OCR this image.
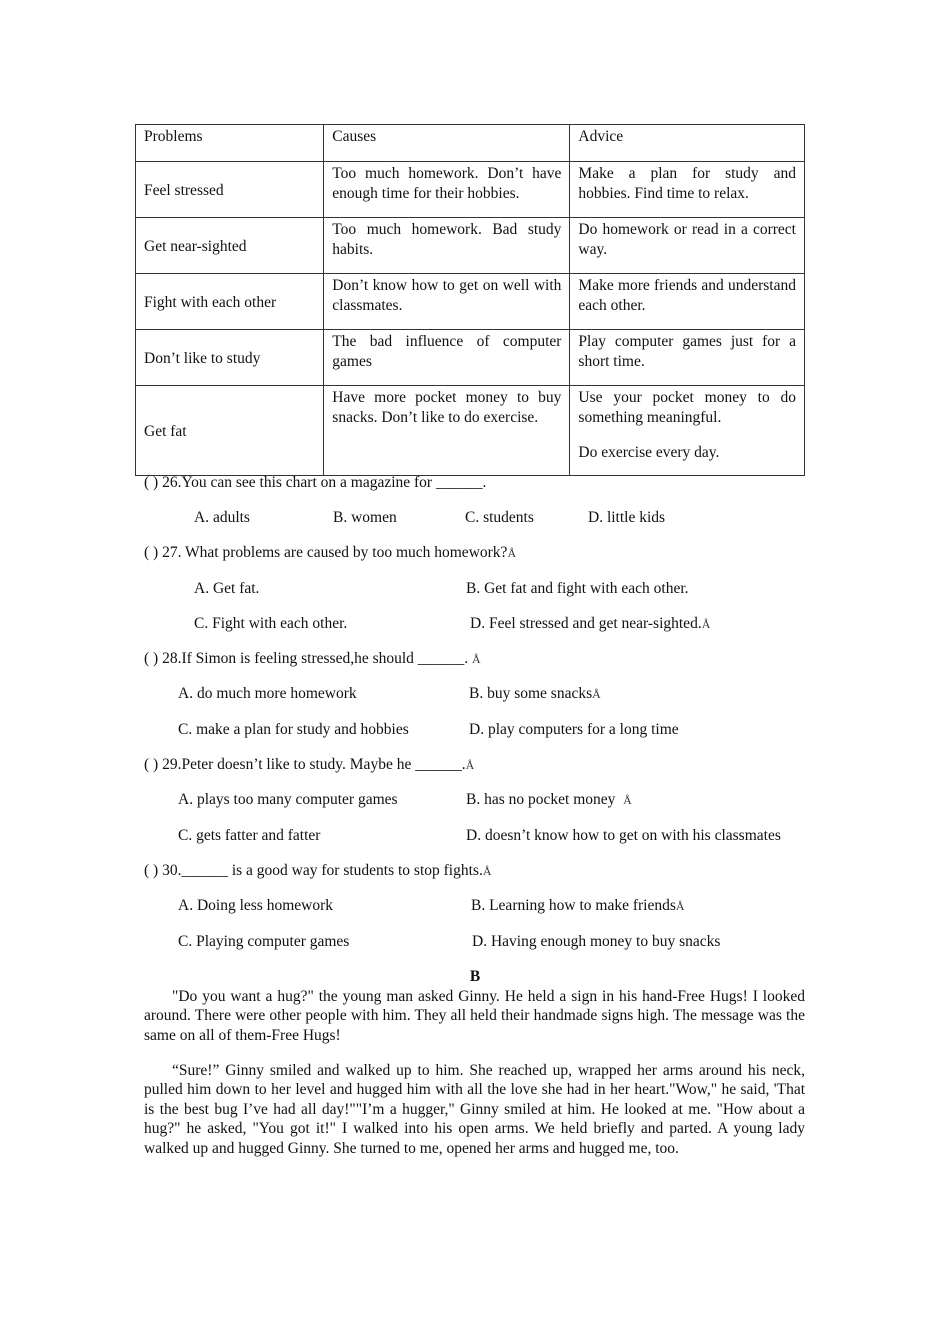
Problems	Causes	Advice
Feel stressed	Too much homework. Don’t have enough time for their hobbies.	Make a plan for study and hobbies. Find time to relax.
Get near-sighted	Too much homework. Bad study habits.	Do homework or read in a correct way.
Fight with each other	Don’t know how to get on well with classmates.	Make more friends and understand each other.
Don’t like to study	The bad influence of computer games	Play computer games just for a short time.
Get fat	Have more pocket money to buy snacks. Don’t like to do exercise.	Use your pocket money to do something meaningful.
Do exercise every day.
( ) 26.You can see this chart on a magazine for ______.
A. adults	B. women	C. students	D. little kids
( ) 27. What problems are caused by too much homework?Å
A. Get fat.	B. Get fat and fight with each other.
C. Fight with each other.	D. Feel stressed and get near-sighted.Å
( ) 28.If Simon is feeling stressed,he should ______. Å
A. do much more homework	B. buy some snacksÅ
C. make a plan for study and hobbies	D. play computers for a long time
( ) 29.Peter doesn’t like to study. Maybe he ______.Å
A. plays too many computer games	B. has no pocket money  Å
C. gets fatter and fatter	D. doesn’t know how to get on with his classmates
( ) 30.______ is a good way for students to stop fights.Å
A. Doing less homework	B. Learning how to make friendsÅ
C. Playing computer games	D. Having enough money to buy snacks
B
"Do you want a hug?" the young man asked Ginny. He held a sign in his hand-Free Hugs! I looked around. There were other people with him. They all held their handmade signs high. The message was the same on all of them-Free Hugs!
“Sure!” Ginny smiled and walked up to him. She reached up, wrapped her arms around his neck, pulled him down to her level and hugged him with all the love she had in her heart."Wow," he said, 'That is the best bug I’ve had all day!""I’m a hugger," Ginny smiled at him. He looked at me. "How about a hug?" he asked, "You got it!" I walked into his open arms. We held briefly and parted. A young lady walked up and hugged Ginny. She turned to me, opened her arms and hugged me, too.
